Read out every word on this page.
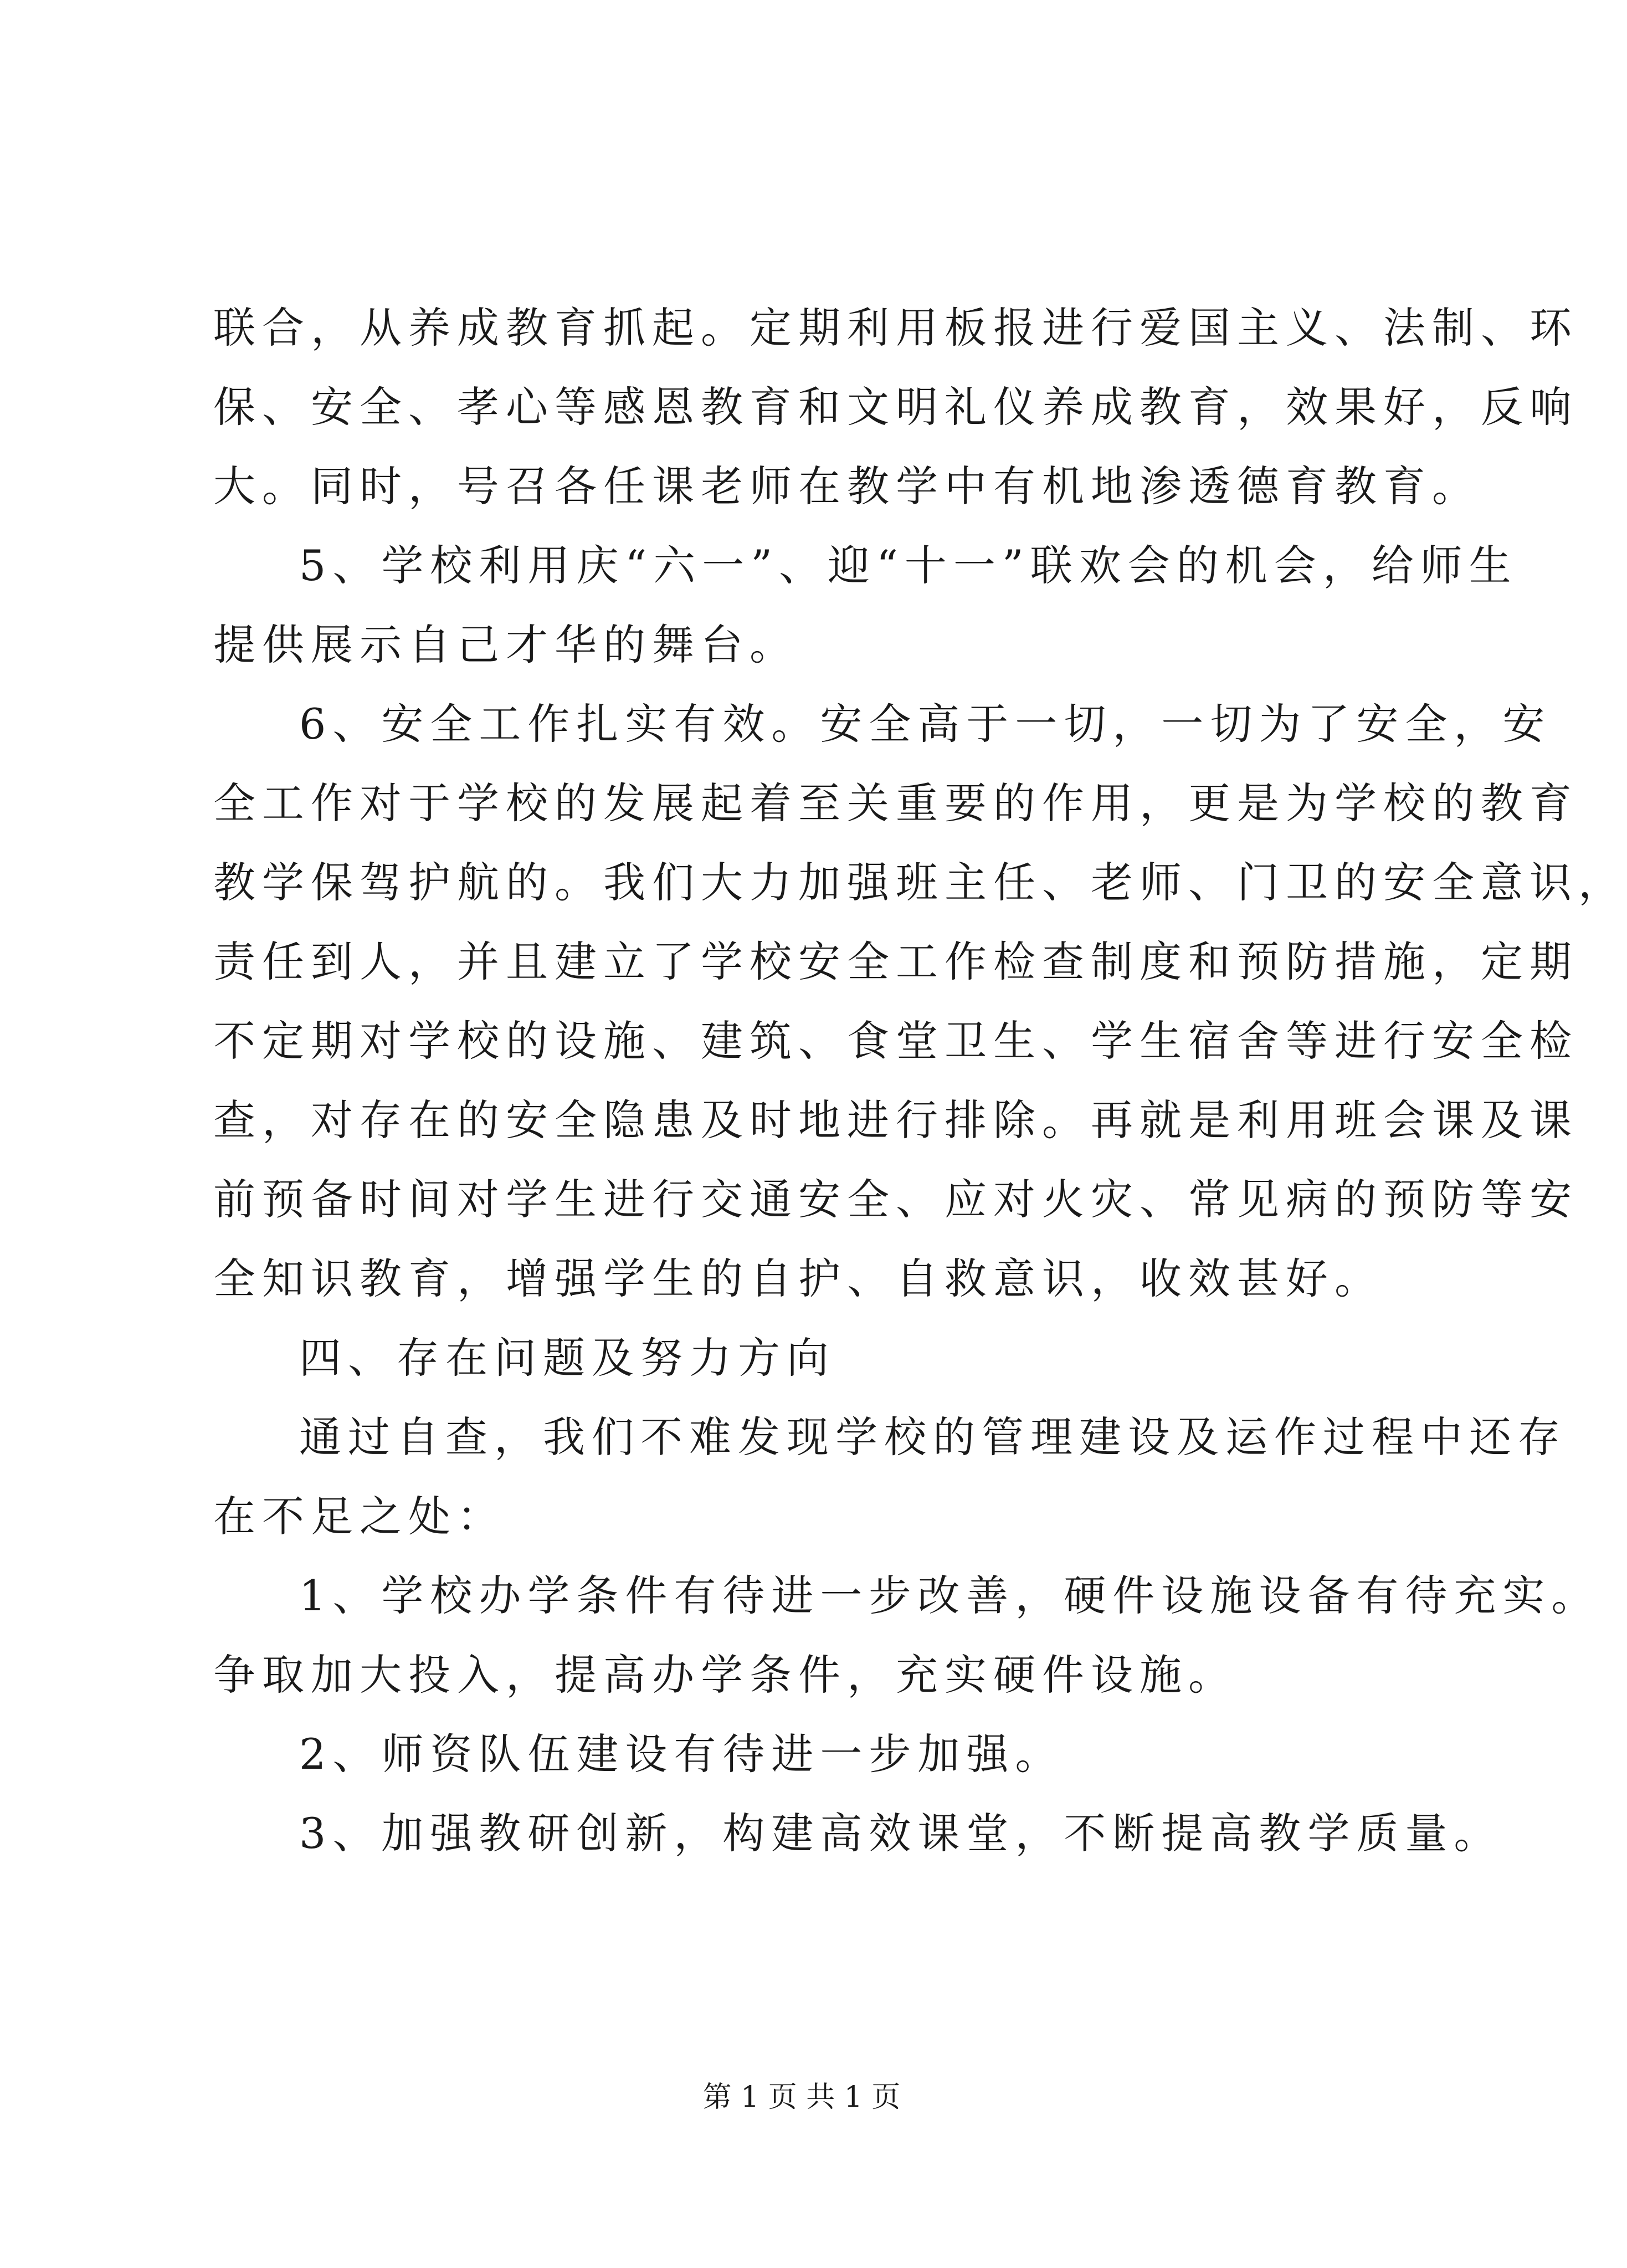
联合，从养成教育抓起。定期利用板报进行爱国主义、法制、环
保、安全、孝心等感恩教育和文明礼仪养成教育，效果好，反响
大。同时，号召各任课老师在教学中有机地渗透德育教育。
5、学校利用庆“六一”、迎“十一”联欢会的机会，给师生
提供展示自己才华的舞台。
6、安全工作扎实有效。安全高于一切，一切为了安全，安
全工作对于学校的发展起着至关重要的作用，更是为学校的教育
教学保驾护航的。我们大力加强班主任、老师、门卫的安全意识，
责任到人，并且建立了学校安全工作检查制度和预防措施，定期
不定期对学校的设施、建筑、食堂卫生、学生宿舍等进行安全检
查，对存在的安全隐患及时地进行排除。再就是利用班会课及课
前预备时间对学生进行交通安全、应对火灾、常见病的预防等安
全知识教育，增强学生的自护、自救意识，收效甚好。
四、存在问题及努力方向
通过自查，我们不难发现学校的管理建设及运作过程中还存
在不足之处：
1、学校办学条件有待进一步改善，硬件设施设备有待充实。
争取加大投入，提高办学条件，充实硬件设施。
2、师资队伍建设有待进一步加强。
3、加强教研创新，构建高效课堂，不断提高教学质量。
第 1 页 共 1 页
